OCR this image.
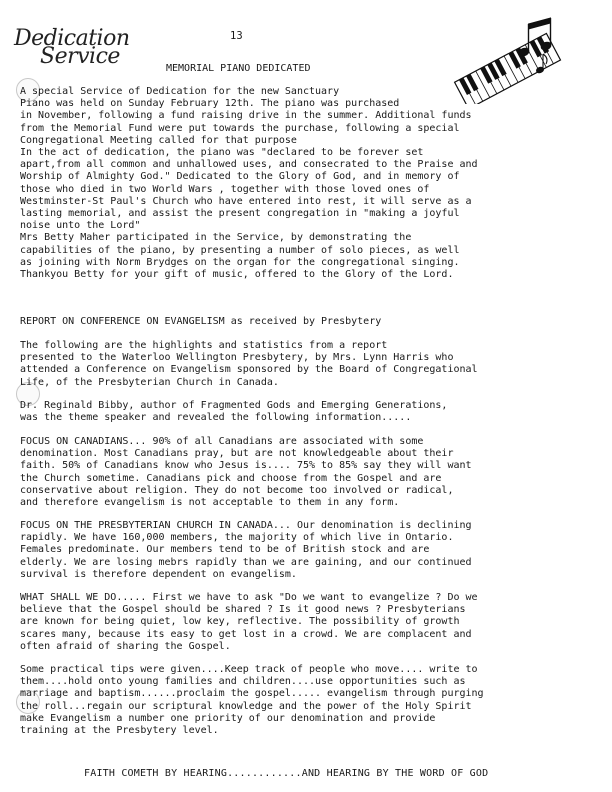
Dedication
Service
13
MEMORIAL PIANO DEDICATED
A special Service of Dedication for the new Sanctuary
Piano was held on Sunday February 12th. The piano was purchased
in November, following a fund raising drive in the summer. Additional funds
from the Memorial Fund were put towards the purchase, following a special
Congregational Meeting called for that purpose
In the act of dedication, the piano was "declared to be forever set
apart,from all common and unhallowed uses, and consecrated to the Praise and
Worship of Almighty God." Dedicated to the Glory of God, and in memory of
those who died in two World Wars , together with those loved ones of
Westminster-St Paul's Church who have entered into rest, it will serve as a
lasting memorial, and assist the present congregation in "making a joyful
noise unto the Lord"
Mrs Betty Maher participated in the Service, by demonstrating the
capabilities of the piano, by presenting a number of solo pieces, as well
as joining with Norm Brydges on the organ for the congregational singing.
Thankyou Betty for your gift of music, offered to the Glory of the Lord.
REPORT ON CONFERENCE ON EVANGELISM as received by Presbytery
The following are the highlights and statistics from a report
presented to the Waterloo Wellington Presbytery, by Mrs. Lynn Harris who
attended a Conference on Evangelism sponsored by the Board of Congregational
Life, of the Presbyterian Church in Canada.
Dr. Reginald Bibby, author of Fragmented Gods and Emerging Generations,
was the theme speaker and revealed the following information.....
FOCUS ON CANADIANS... 90% of all Canadians are associated with some
denomination. Most Canadians pray, but are not knowledgeable about their
faith. 50% of Canadians know who Jesus is.... 75% to 85% say they will want
the Church sometime. Canadians pick and choose from the Gospel and are
conservative about religion. They do not become too involved or radical,
and therefore evangelism is not acceptable to them in any form.
FOCUS ON THE PRESBYTERIAN CHURCH IN CANADA... Our denomination is declining
rapidly. We have 160,000 members, the majority of which live in Ontario.
Females predominate. Our members tend to be of British stock and are
elderly. We are losing mebrs rapidly than we are gaining, and our continued
survival is therefore dependent on evangelism.
WHAT SHALL WE DO..... First we have to ask "Do we want to evangelize ? Do we
believe that the Gospel should be shared ? Is it good news ? Presbyterians
are known for being quiet, low key, reflective. The possibility of growth
scares many, because its easy to get lost in a crowd. We are complacent and
often afraid of sharing the Gospel.
Some practical tips were given....Keep track of people who move.... write to
them....hold onto young families and children....use opportunities such as
marriage and baptism......proclaim the gospel..... evangelism through purging
the roll...regain our scriptural knowledge and the power of the Holy Spirit
make Evangelism a number one priority of our denomination and provide
training at the Presbytery level.
FAITH COMETH BY HEARING............AND HEARING BY THE WORD OF GOD
